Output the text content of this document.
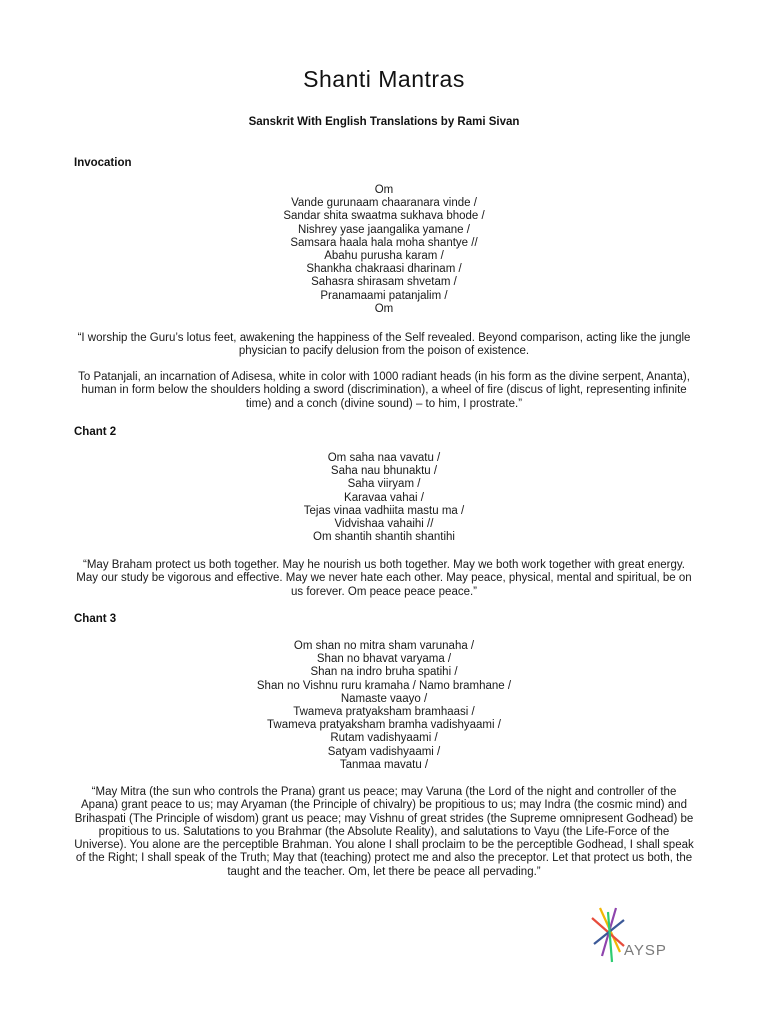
Shanti Mantras
Sanskrit With English Translations by Rami Sivan
Invocation
Om
Vande gurunaam chaaranara vinde /
Sandar shita swaatma sukhava bhode /
Nishrey yase jaangalika yamane /
Samsara haala hala moha shantye //
Abahu purusha karam /
Shankha chakraasi dharinam /
Sahasra shirasam shvetam /
Pranamaami patanjalim /
Om
“I worship the Guru’s lotus feet, awakening the happiness of the Self revealed. Beyond comparison, acting like the jungle physician to pacify delusion from the poison of existence.
To Patanjali, an incarnation of Adisesa, white in color with 1000 radiant heads (in his form as the divine serpent, Ananta), human in form below the shoulders holding a sword (discrimination), a wheel of fire (discus of light, representing infinite time) and a conch (divine sound) – to him, I prostrate.”
Chant 2
Om saha naa vavatu /
Saha nau bhunaktu /
Saha viiryam /
Karavaa vahai /
Tejas vinaa vadhiita mastu ma /
Vidvishaa vahaihi //
Om shantih shantih shantihi
“May Braham protect us both together. May he nourish us both together. May we both work together with great energy. May our study be vigorous and effective. May we never hate each other. May peace, physical, mental and spiritual, be on us forever. Om peace peace peace.”
Chant 3
Om shan no mitra sham varunaha /
Shan no bhavat varyama /
Shan na indro bruha spatihi /
Shan no Vishnu ruru kramaha / Namo bramhane /
Namaste vaayo /
Twameva pratyaksham bramhaasi /
Twameva pratyaksham bramha vadishyaami /
Rutam vadishyaami /
Satyam vadishyaami /
Tanmaa mavatu /
“May Mitra (the sun who controls the Prana) grant us peace; may Varuna (the Lord of the night and controller of the Apana) grant peace to us; may Aryaman (the Principle of chivalry) be propitious to us; may Indra (the cosmic mind) and Brihaspati (The Principle of wisdom) grant us peace; may Vishnu of great strides (the Supreme omnipresent Godhead) be propitious to us. Salutations to you Brahmar (the Absolute Reality), and salutations to Vayu (the Life-Force of the Universe). You alone are the perceptible Brahman. You alone I shall proclaim to be the perceptible Godhead, I shall speak of the Right; I shall speak of the Truth; May that (teaching) protect me and also the preceptor. Let that protect us both, the taught and the teacher. Om, let there be peace all pervading.”
AYSP
